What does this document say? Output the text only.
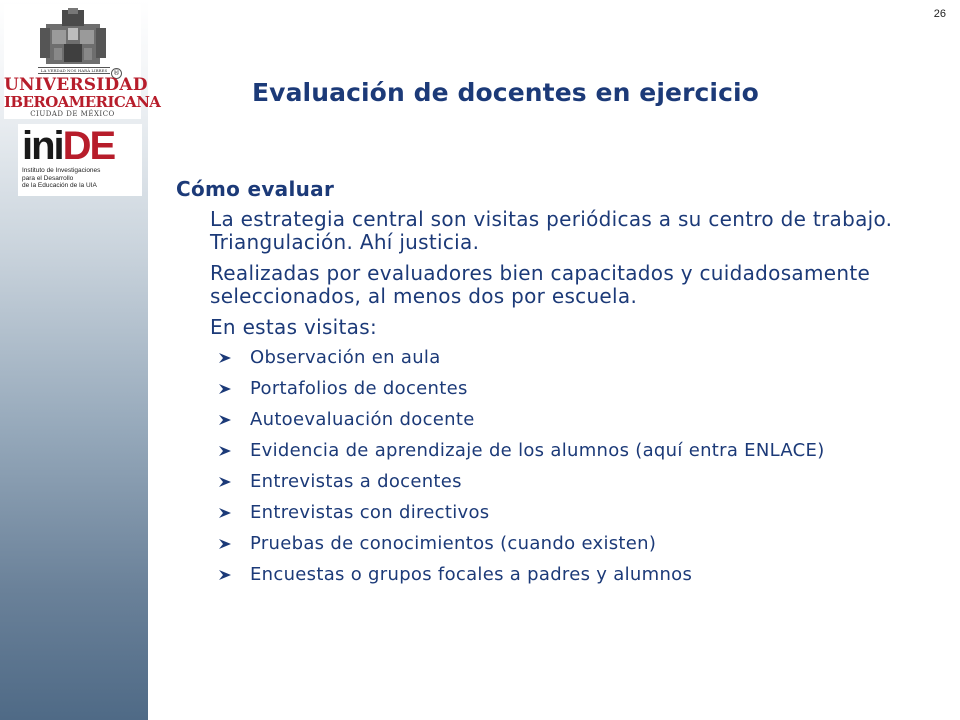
LA VERDAD NOS HARÁ LIBRES ®
UNIVERSIDAD
IBEROAMERICANA
CIUDAD DE MÉXICO
iniDE
Instituto de Investigaciones
para el Desarrollo
de la Educación de la UIA
26
Evaluación de docentes en ejercicio
Cómo evaluar

La estrategia central son visitas periódicas a su centro de trabajo. Triangulación. Ahí justicia.

Realizadas por evaluadores bien capacitados y cuidadosamente seleccionados, al menos dos por escuela.

En estas visitas:

Observación en aula
Portafolios de docentes
Autoevaluación docente
Evidencia de aprendizaje de los alumnos (aquí entra ENLACE)
Entrevistas a docentes
Entrevistas con directivos
Pruebas de conocimientos (cuando existen)
Encuestas o grupos focales a padres y alumnos
